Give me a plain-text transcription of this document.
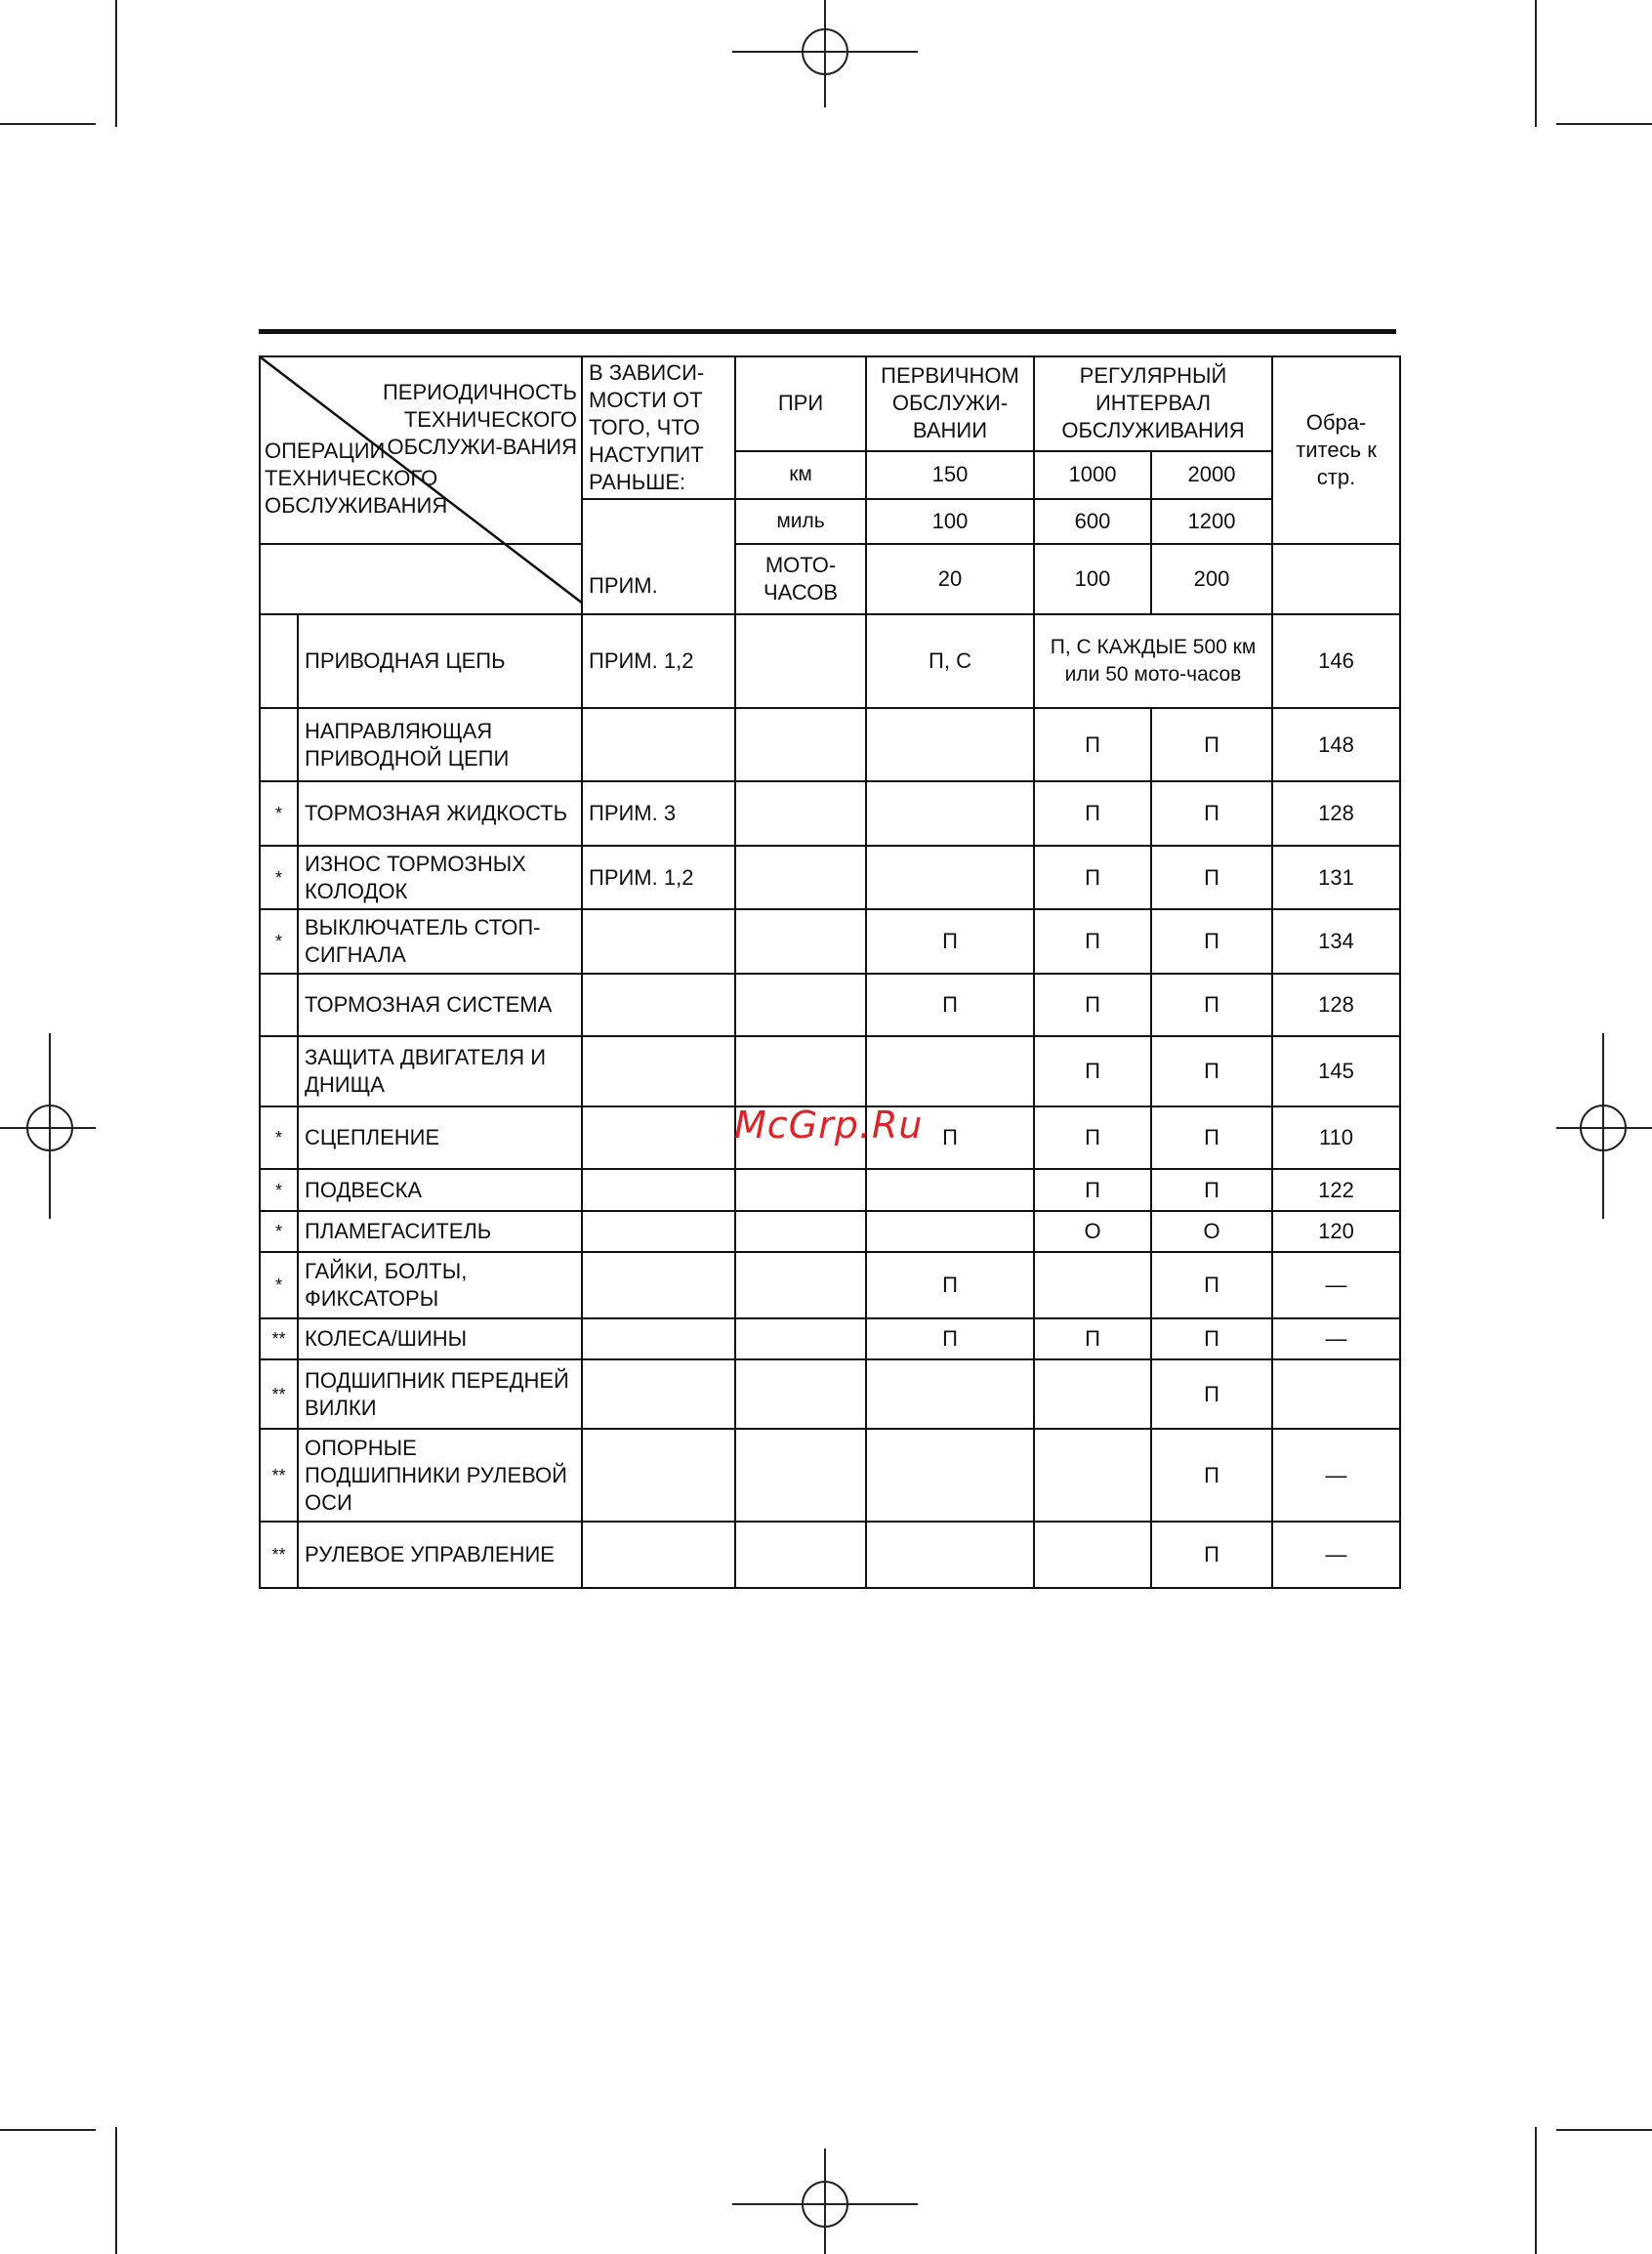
ПЕРИОДИЧНОСТЬ ТЕХНИЧЕСКОГО ОБСЛУЖИ-ВАНИЯ
ОПЕРАЦИИ ТЕХНИЧЕСКОГО ОБСЛУЖИВАНИЯ		В ЗАВИСИ-МОСТИ ОТ ТОГО, ЧТО НАСТУПИТ РАНЬШЕ:	ПРИ	ПЕРВИЧНОМ ОБСЛУЖИ-ВАНИИ	РЕГУЛЯРНЫЙ ИНТЕРВАЛ ОБСЛУЖИВАНИЯ		Обра-титесь к стр.
			км	150	1000	2000	
		ПРИМ.	миль	100	600	1200	
			МОТО-ЧАСОВ	20	100	200	
	ПРИВОДНАЯ ЦЕПЬ	ПРИМ. 1,2		П, С	П, С КАЖДЫЕ 500 км или 50 мото-часов		146
	НАПРАВЛЯЮЩАЯ ПРИВОДНОЙ ЦЕПИ				П	П	148
*	ТОРМОЗНАЯ ЖИДКОСТЬ	ПРИМ. 3			П	П	128
*	ИЗНОС ТОРМОЗНЫХ КОЛОДОК	ПРИМ. 1,2			П	П	131
*	ВЫКЛЮЧАТЕЛЬ СТОП-СИГНАЛА			П	П	П	134
	ТОРМОЗНАЯ СИСТЕМА			П	П	П	128
	ЗАЩИТА ДВИГАТЕЛЯ И ДНИЩА				П	П	145
*	СЦЕПЛЕНИЕ			П	П	П	110
*	ПОДВЕСКА				П	П	122
*	ПЛАМЕГАСИТЕЛЬ				О	О	120
*	ГАЙКИ, БОЛТЫ, ФИКСАТОРЫ			П		П	—
**	КОЛЕСА/ШИНЫ			П	П	П	—
**	ПОДШИПНИК ПЕРЕДНЕЙ ВИЛКИ					П	
**	ОПОРНЫЕ ПОДШИПНИКИ РУЛЕВОЙ ОСИ					П	—
**	РУЛЕВОЕ УПРАВЛЕНИЕ					П	—
McGrp.Ru
